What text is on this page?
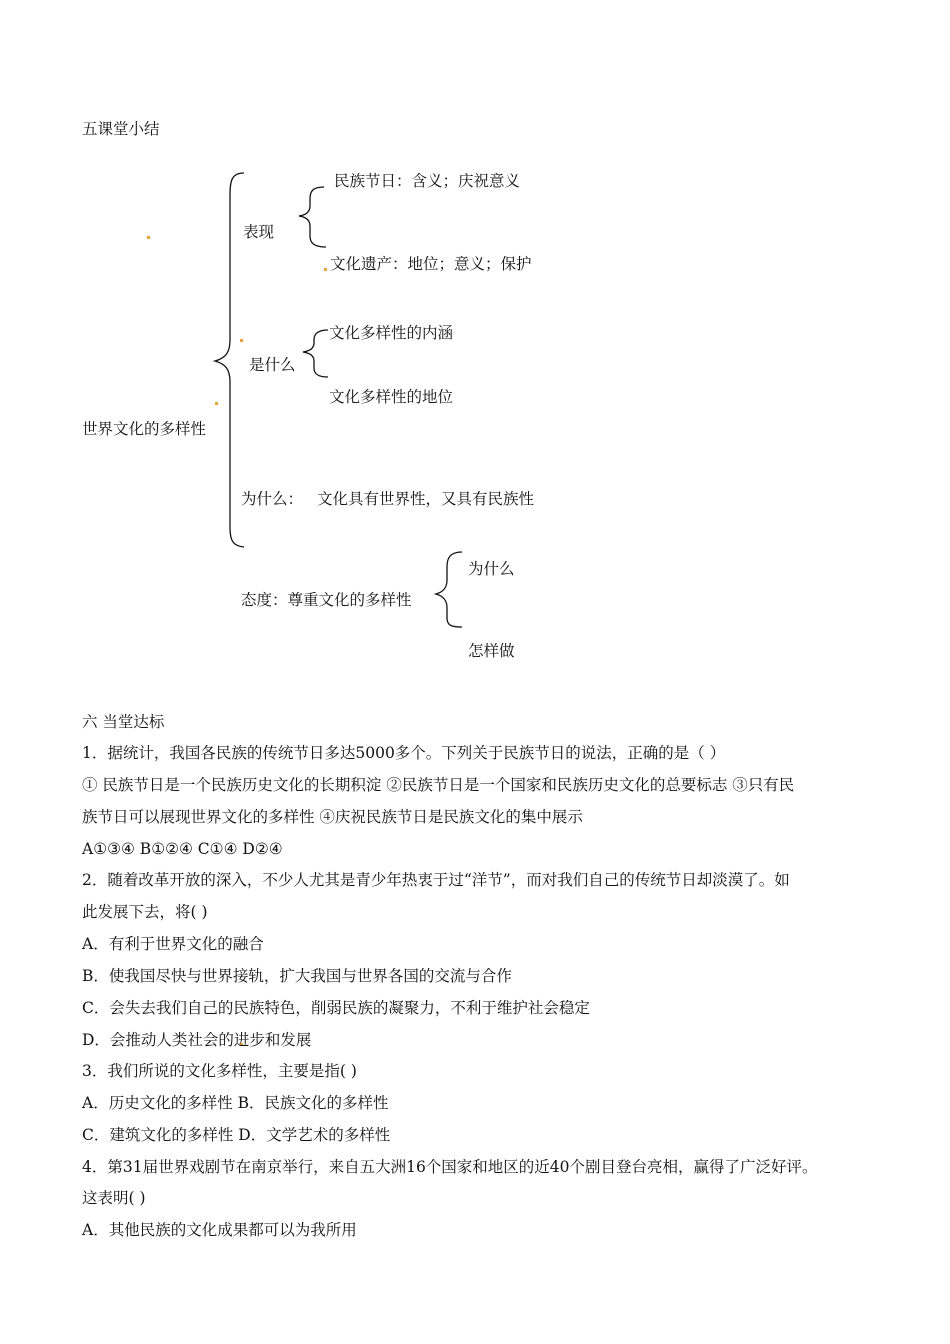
五课堂小结
世界文化的多样性
表现
民族节日：含义；庆祝意义
文化遗产：地位；意义；保护
是什么
文化多样性的内涵
文化多样性的地位
为什么： 文化具有世界性，又具有民族性
态度：尊重文化的多样性
为什么
怎样做
六 当堂达标
1．据统计，我国各民族的传统节日多达5000多个。下列关于民族节日的说法，正确的是（ ）
① 民族节日是一个民族历史文化的长期积淀 ②民族节日是一个国家和民族历史文化的总要标志 ③只有民
族节日可以展现世界文化的多样性 ④庆祝民族节日是民族文化的集中展示
A①③④ B①②④ C①④ D②④
2．随着改革开放的深入，不少人尤其是青少年热衷于过“洋节”，而对我们自己的传统节日却淡漠了。如
此发展下去，将( )
A．有利于世界文化的融合
B．使我国尽快与世界接轨，扩大我国与世界各国的交流与合作
C．会失去我们自己的民族特色，削弱民族的凝聚力，不利于维护社会稳定
D．会推动人类社会的进步和发展
3．我们所说的文化多样性，主要是指( )
A．历史文化的多样性 B．民族文化的多样性
C．建筑文化的多样性 D．文学艺术的多样性
4．第31届世界戏剧节在南京举行，来自五大洲16个国家和地区的近40个剧目登台亮相，赢得了广泛好评。
这表明( )
A．其他民族的文化成果都可以为我所用
